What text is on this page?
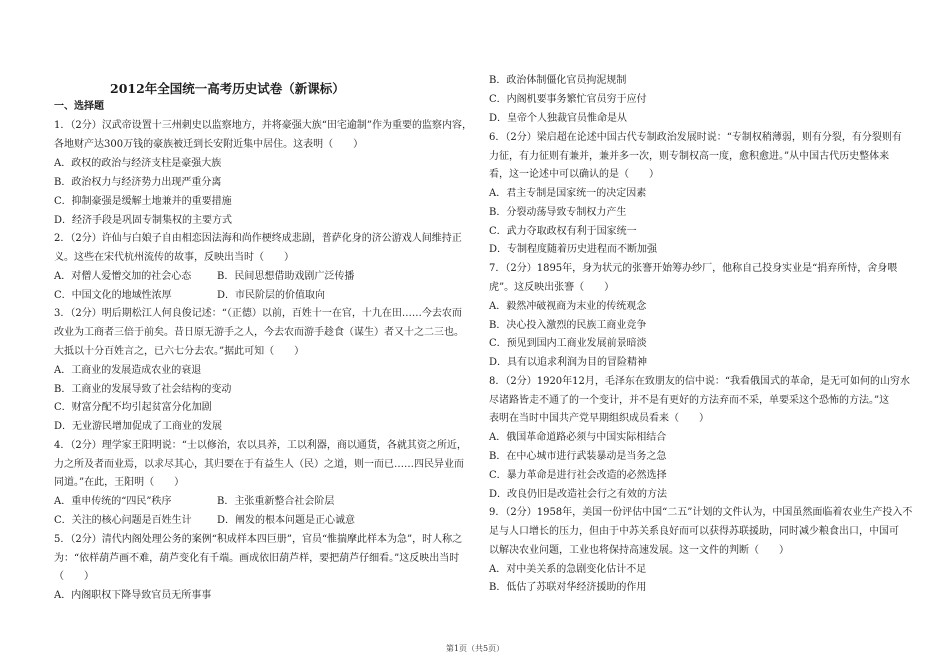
2012年全国统一高考历史试卷（新课标）
一、选择题
1．（2分）汉武帝设置十三州刺史以监察地方，并将豪强大族“田宅逾制”作为重要的监察内容，
各地财产达300万钱的豪族被迁到长安附近集中居住。这表明（　　）
A．政权的政治与经济支柱是豪强大族
B．政治权力与经济势力出现严重分离
C．抑制豪强是缓解土地兼并的重要措施
D．经济手段是巩固专制集权的主要方式
2．（2分）许仙与白娘子自由相恋因法海和尚作梗终成悲剧，普萨化身的济公游戏人间维持正
义。这些在宋代杭州流传的故事，反映出当时（　　）
A．对僧人爱憎交加的社会心态	B．民间思想借助戏剧广泛传播
C．中国文化的地域性浓厚	D．市民阶层的价值取向
3．（2分）明后期松江人何良俊记述：“（正德）以前，百姓十一在官，十九在田……今去农而
改业为工商者三倍于前矣。昔日原无游手之人，今去农而游手趁食（谋生）者又十之二三也。
大抵以十分百姓言之，已六七分去农。”据此可知（　　）
A．工商业的发展造成农业的衰退
B．工商业的发展导致了社会结构的变动
C．财富分配不均引起贫富分化加剧
D．无业游民增加促成了工商业的发展
4．（2分）理学家王阳明说：“士以修治，农以具养，工以利器，商以通货，各就其资之所近，
力之所及者而业焉，以求尽其心，其归要在于有益生人（民）之道，则一而已……四民异业而
同道。”在此，王阳明（　　）
A．重申传统的“四民”秩序	B．主张重新整合社会阶层
C．关注的核心问题是百姓生计	D．阐发的根本问题是正心诚意
5．（2分）清代内阁处理公务的案例“积成样本四巨册”，官员“惟揣摩此样本为急”，时人称之
为：“依样葫芦画不难，葫芦变化有千端。画成依旧葫芦样，要把葫芦仔细看。”这反映出当时
（　　）
A．内阁职权下降导致官员无所事事
B．政治体制僵化官员拘泥规制
C．内阁机要事务繁忙官员穷于应付
D．皇帝个人独裁官员惟命是从
6．（2分）梁启超在论述中国古代专制政治发展时说：“专制权稍薄弱，则有分裂，有分裂则有
力征，有力征则有兼并，兼并多一次，则专制权高一度，愈积愈进。”从中国古代历史整体来
看，这一论述中可以确认的是（　　）
A．君主专制是国家统一的决定因素
B．分裂动荡导致专制权力产生
C．武力夺取政权有利于国家统一
D．专制程度随着历史进程而不断加强
7．（2分）1895年，身为状元的张謇开始筹办纱厂，他称自己投身实业是“捐弃所恃，舍身喂
虎”。这反映出张謇（　　）
A．毅然冲破视商为末业的传统观念
B．决心投入激烈的民族工商业竞争
C．预见到国内工商业发展前景暗淡
D．具有以追求利润为目的冒险精神
8．（2分）1920年12月，毛泽东在致朋友的信中说：“我看俄国式的革命，是无可如何的山穷水
尽诸路皆走不通了的一个变计，并不是有更好的方法弃而不采，单要采这个恐怖的方法。”这
表明在当时中国共产党早期组织成员看来（　　）
A．俄国革命道路必须与中国实际相结合
B．在中心城市进行武装暴动是当务之急
C．暴力革命是进行社会改造的必然选择
D．改良仍旧是改造社会行之有效的方法
9．（2分）1958年，美国一份评估中国“二五”计划的文件认为，中国虽然面临着农业生产投入不
足与人口增长的压力，但由于中苏关系良好而可以获得苏联援助，同时减少粮食出口，中国可
以解决农业问题，工业也将保持高速发展。这一文件的判断（　　）
A．对中美关系的急剧变化估计不足
B．低估了苏联对华经济援助的作用
第1页（共5页）
